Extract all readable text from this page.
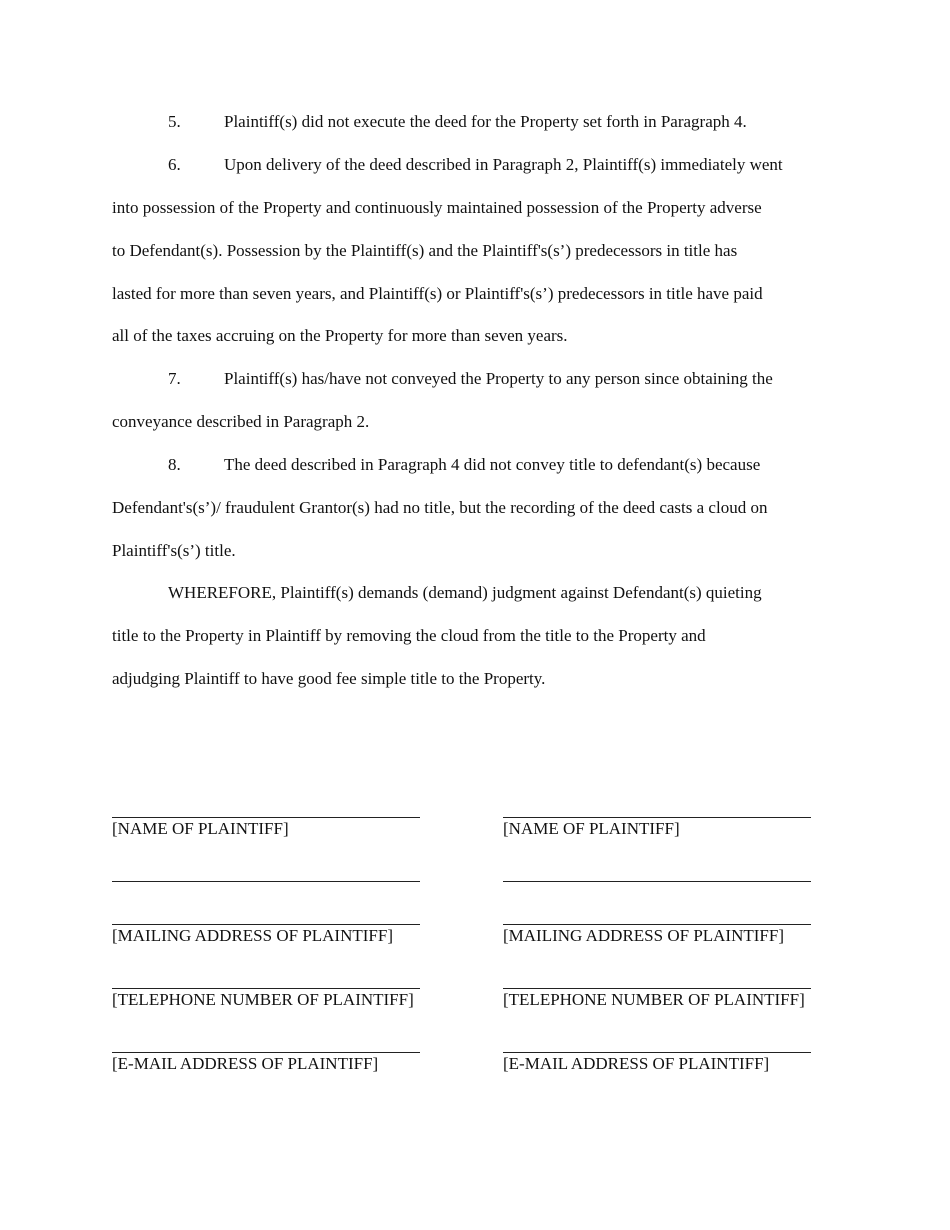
5.	Plaintiff(s) did not execute the deed for the Property set forth in Paragraph 4.
6.	Upon delivery of the deed described in Paragraph 2, Plaintiff(s) immediately went
into possession of the Property and continuously maintained possession of the Property adverse
to Defendant(s). Possession by the Plaintiff(s) and the Plaintiff's(s’) predecessors in title has
lasted for more than seven years, and Plaintiff(s) or Plaintiff's(s’) predecessors in title have paid
all of the taxes accruing on the Property for more than seven years.
7.	Plaintiff(s) has/have not conveyed the Property to any person since obtaining the
conveyance described in Paragraph 2.
8.	The deed described in Paragraph 4 did not convey title to defendant(s) because
Defendant's(s’)/ fraudulent Grantor(s) had no title, but the recording of the deed casts a cloud on
Plaintiff's(s’) title.
WHEREFORE, Plaintiff(s) demands (demand) judgment against Defendant(s) quieting
title to the Property in Plaintiff by removing the cloud from the title to the Property and
adjudging Plaintiff to have good fee simple title to the Property.
[NAME OF PLAINTIFF]
[MAILING ADDRESS OF PLAINTIFF]
[TELEPHONE NUMBER OF PLAINTIFF]
[E-MAIL ADDRESS OF PLAINTIFF]
[NAME OF PLAINTIFF]
[MAILING ADDRESS OF PLAINTIFF]
[TELEPHONE NUMBER OF PLAINTIFF]
[E-MAIL ADDRESS OF PLAINTIFF]
